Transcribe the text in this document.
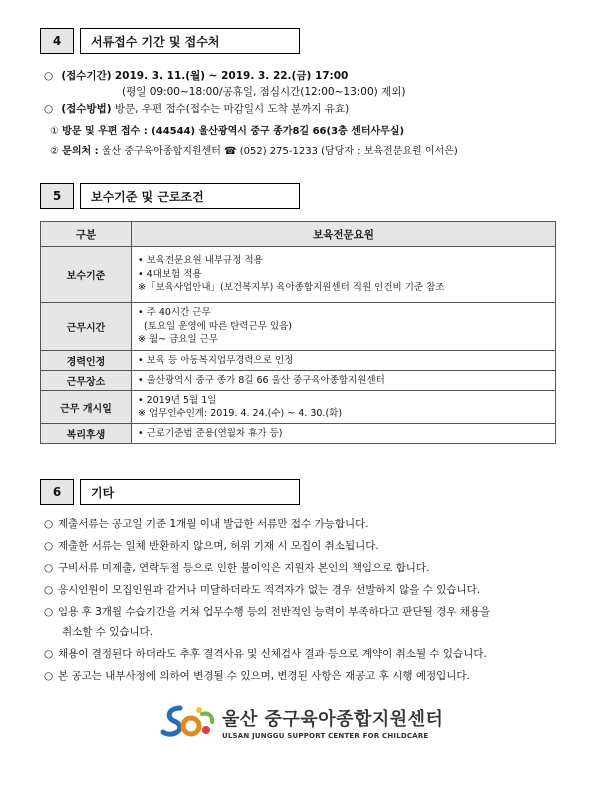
4	서류접수 기간 및 접수처
○ (접수기간) 2019. 3. 11.(월) ~ 2019. 3. 22.(금) 17:00
(평일 09:00~18:00/공휴일, 점심시간(12:00~13:00) 제외)
○ (접수방법) 방문, 우편 접수(접수는 마감일시 도착 분까지 유효)
① 방문 및 우편 접수 : (44544) 울산광역시 중구 종가8길 66(3층 센터사무실)
② 문의처 : 울산 중구육아종합지원센터 ☎ (052) 275-1233 (담당자 : 보육전문요원 이서은)
5	보수기준 및 근로조건
구분	보육전문요원
보수기준	• 보육전문요원 내부규정 적용
• 4대보험 적용
※「보육사업안내」(보건복지부) 육아종합지원센터 직원 인건비 기준 참조

근무시간	• 주 40시간 근무
(토요일 운영에 따른 탄력근무 있음)
※ 월~ 금요일 근무

경력인정	• 보육 등 아동복지업무경력으로 인정

근무장소	• 울산광역시 중구 종가 8길 66 울산 중구육아종합지원센터

근무 개시일	• 2019년 5월 1일
※ 업무인수인계: 2019. 4. 24.(수) ~ 4. 30.(화)

복리후생	• 근로기준법 준용(연월차 휴가 등)
6	기타
○ 제출서류는 공고일 기준 1개월 이내 발급한 서류만 접수 가능합니다.
○ 제출한 서류는 일체 반환하지 않으며, 허위 기재 시 모집이 취소됩니다.
○ 구비서류 미제출, 연락두절 등으로 인한 불이익은 지원자 본인의 책임으로 합니다.
○ 응시인원이 모집인원과 같거나 미달하더라도 적격자가 없는 경우 선발하지 않을 수 있습니다.
○ 임용 후 3개월 수습기간을 거쳐 업무수행 등의 전반적인 능력이 부족하다고 판단될 경우 채용을
취소할 수 있습니다.
○ 채용이 결정된다 하더라도 추후 결격사유 및 신체검사 결과 등으로 계약이 취소될 수 있습니다.
○ 본 공고는 내부사정에 의하여 변경될 수 있으며, 변경된 사항은 재공고 후 시행 예정입니다.
울산 중구육아종합지원센터
ULSAN JUNGGU SUPPORT CENTER FOR CHILDCARE
